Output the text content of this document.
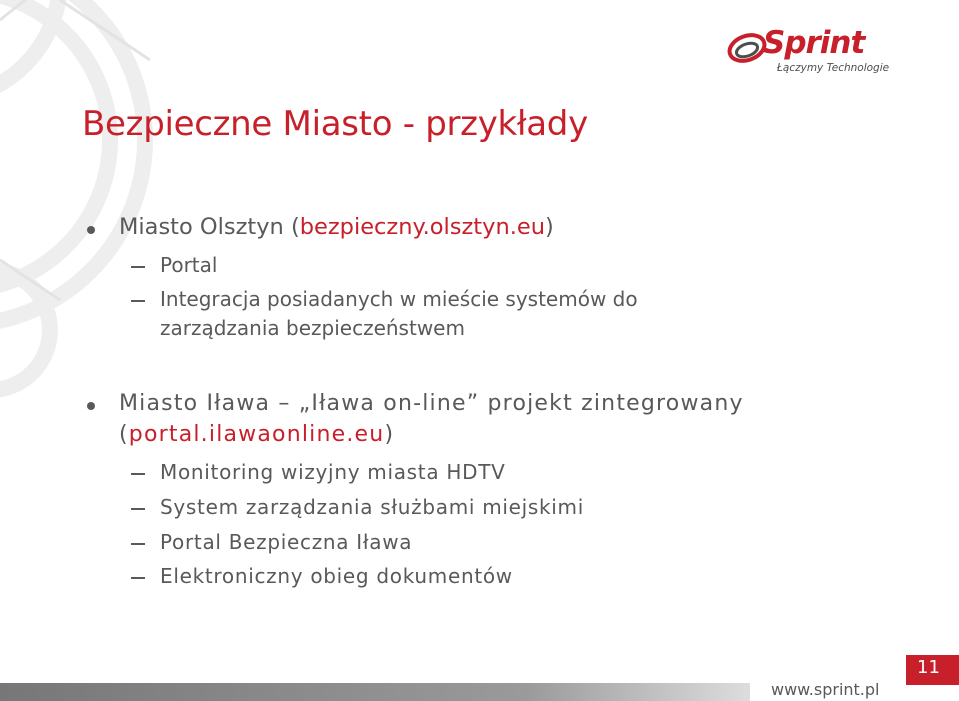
Sprint
Łączymy Technologie
Bezpieczne Miasto - przykłady
Miasto Olsztyn (bezpieczny.olsztyn.eu)
Portal
Integracja posiadanych w mieście systemów do
zarządzania bezpieczeństwem
Miasto Iława – „Iława on-line” projekt zintegrowany
(portal.ilawaonline.eu)
Monitoring wizyjny miasta HDTV
System zarządzania służbami miejskimi
Portal Bezpieczna Iława
Elektroniczny obieg dokumentów
www.sprint.pl
11
